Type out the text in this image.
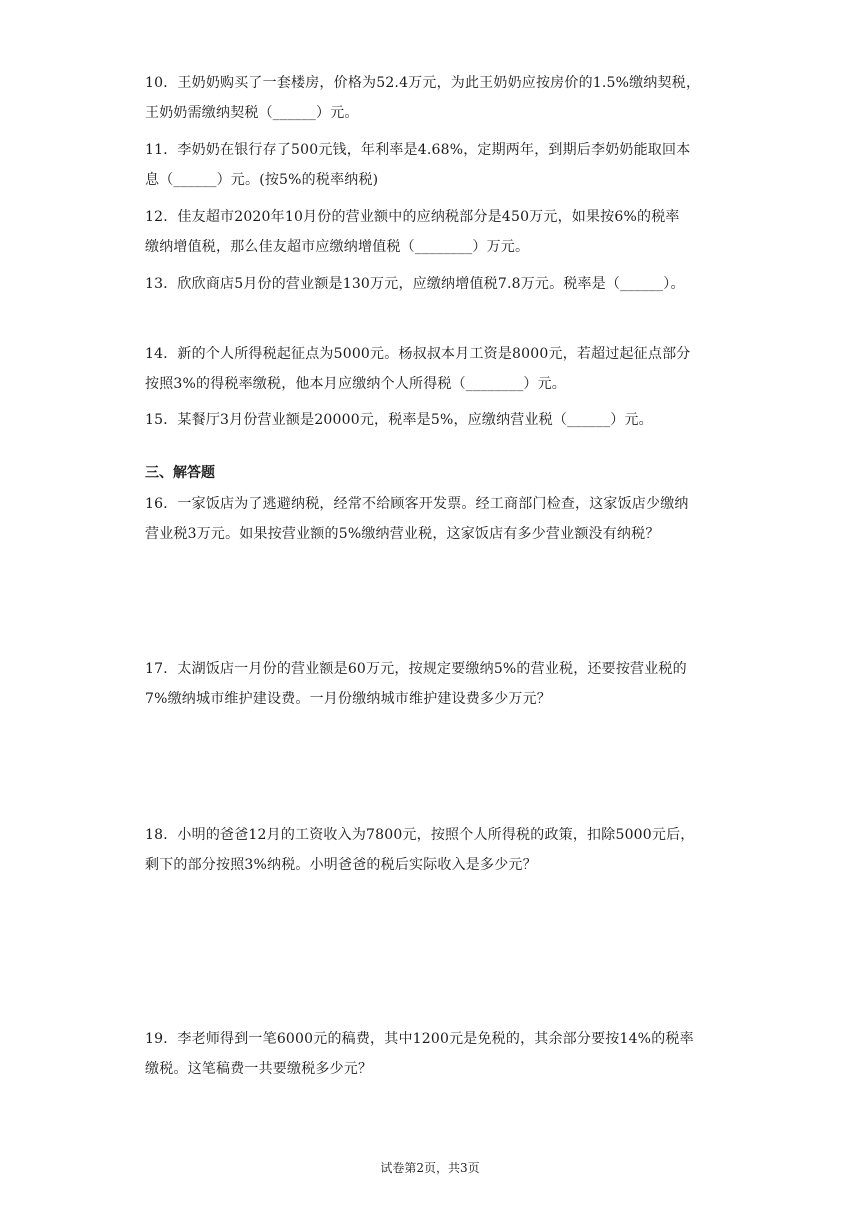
10．王奶奶购买了一套楼房，价格为52.4万元，为此王奶奶应按房价的1.5%缴纳契税，
王奶奶需缴纳契税（______）元。
11．李奶奶在银行存了500元钱，年利率是4.68%，定期两年，到期后李奶奶能取回本
息（______）元。(按5%的税率纳税)
12．佳友超市2020年10月份的营业额中的应纳税部分是450万元，如果按6%的税率
缴纳增值税，那么佳友超市应缴纳增值税（________）万元。
13．欣欣商店5月份的营业额是130万元，应缴纳增值税7.8万元。税率是（______）。
14．新的个人所得税起征点为5000元。杨叔叔本月工资是8000元，若超过起征点部分
按照3%的得税率缴税，他本月应缴纳个人所得税（________）元。
15．某餐厅3月份营业额是20000元，税率是5%，应缴纳营业税（______）元。
三、解答题
16．一家饭店为了逃避纳税，经常不给顾客开发票。经工商部门检查，这家饭店少缴纳
营业税3万元。如果按营业额的5%缴纳营业税，这家饭店有多少营业额没有纳税？
17．太湖饭店一月份的营业额是60万元，按规定要缴纳5%的营业税，还要按营业税的
7%缴纳城市维护建设费。一月份缴纳城市维护建设费多少万元？
18．小明的爸爸12月的工资收入为7800元，按照个人所得税的政策，扣除5000元后，
剩下的部分按照3%纳税。小明爸爸的税后实际收入是多少元？
19．李老师得到一笔6000元的稿费，其中1200元是免税的，其余部分要按14%的税率
缴税。这笔稿费一共要缴税多少元？
试卷第2页，共3页
